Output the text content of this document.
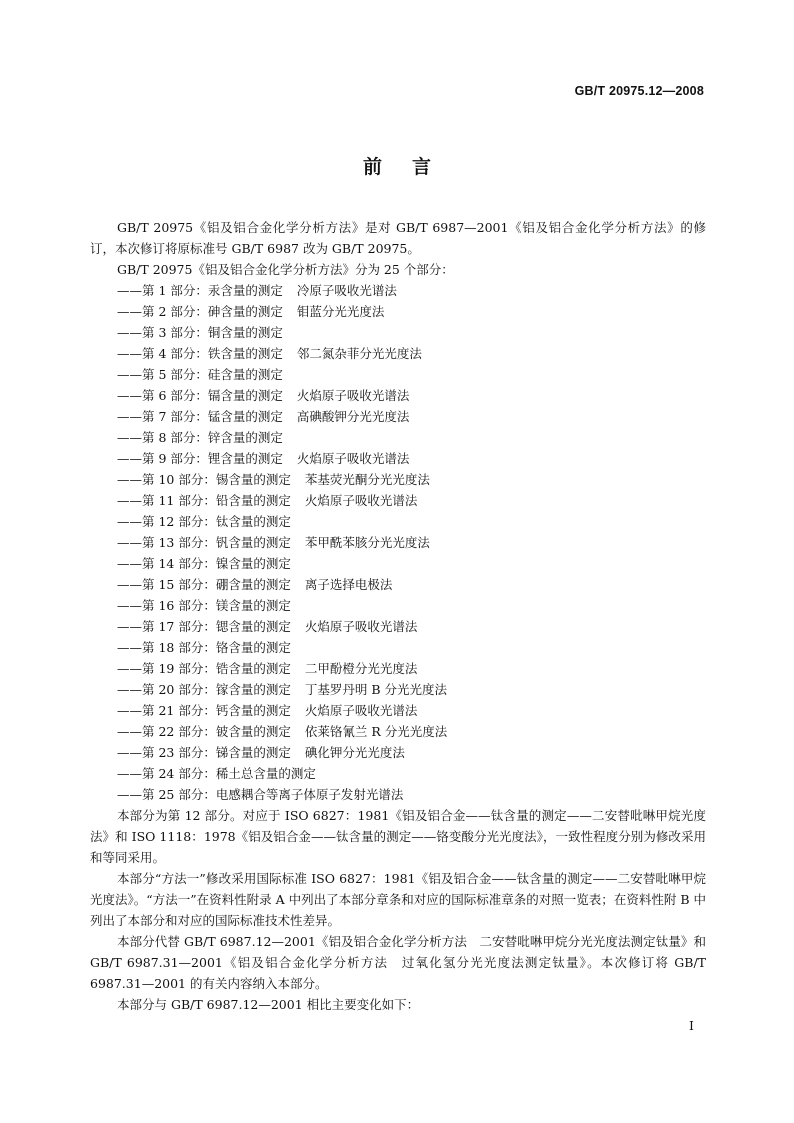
GB/T 20975.12—2008
前言

GB/T 20975《铝及铝合金化学分析方法》是对 GB/T 6987—2001《铝及铝合金化学分析方法》的修订，本次修订将原标准号 GB/T 6987 改为 GB/T 20975。

GB/T 20975《铝及铝合金化学分析方法》分为 25 个部分：

——第 1 部分：汞含量的测定 冷原子吸收光谱法
——第 2 部分：砷含量的测定 钼蓝分光光度法
——第 3 部分：铜含量的测定
——第 4 部分：铁含量的测定 邻二氮杂菲分光光度法
——第 5 部分：硅含量的测定
——第 6 部分：镉含量的测定 火焰原子吸收光谱法
——第 7 部分：锰含量的测定 高碘酸钾分光光度法
——第 8 部分：锌含量的测定
——第 9 部分：锂含量的测定 火焰原子吸收光谱法
——第 10 部分：锡含量的测定 苯基荧光酮分光光度法
——第 11 部分：铅含量的测定 火焰原子吸收光谱法
——第 12 部分：钛含量的测定
——第 13 部分：钒含量的测定 苯甲酰苯胲分光光度法
——第 14 部分：镍含量的测定
——第 15 部分：硼含量的测定 离子选择电极法
——第 16 部分：镁含量的测定
——第 17 部分：锶含量的测定 火焰原子吸收光谱法
——第 18 部分：铬含量的测定
——第 19 部分：锆含量的测定 二甲酚橙分光光度法
——第 20 部分：镓含量的测定 丁基罗丹明 B 分光光度法
——第 21 部分：钙含量的测定 火焰原子吸收光谱法
——第 22 部分：铍含量的测定 依莱铬氰兰 R 分光光度法
——第 23 部分：锑含量的测定 碘化钾分光光度法
——第 24 部分：稀土总含量的测定
——第 25 部分：电感耦合等离子体原子发射光谱法

本部分为第 12 部分。对应于 ISO 6827：1981《铝及铝合金——钛含量的测定——二安替吡啉甲烷光度法》和 ISO 1118：1978《铝及铝合金——钛含量的测定——铬变酸分光光度法》，一致性程度分别为修改采用和等同采用。

本部分“方法一”修改采用国际标准 ISO 6827：1981《铝及铝合金——钛含量的测定——二安替吡啉甲烷光度法》。“方法一”在资料性附录 A 中列出了本部分章条和对应的国际标准章条的对照一览表；在资料性附 B 中列出了本部分和对应的国际标准技术性差异。

本部分代替 GB/T 6987.12—2001《铝及铝合金化学分析方法　二安替吡啉甲烷分光光度法测定钛量》和 GB/T 6987.31—2001《铝及铝合金化学分析方法　过氧化氢分光光度法测定钛量》。本次修订将 GB/T 6987.31—2001 的有关内容纳入本部分。

本部分与 GB/T 6987.12—2001 相比主要变化如下：

I
